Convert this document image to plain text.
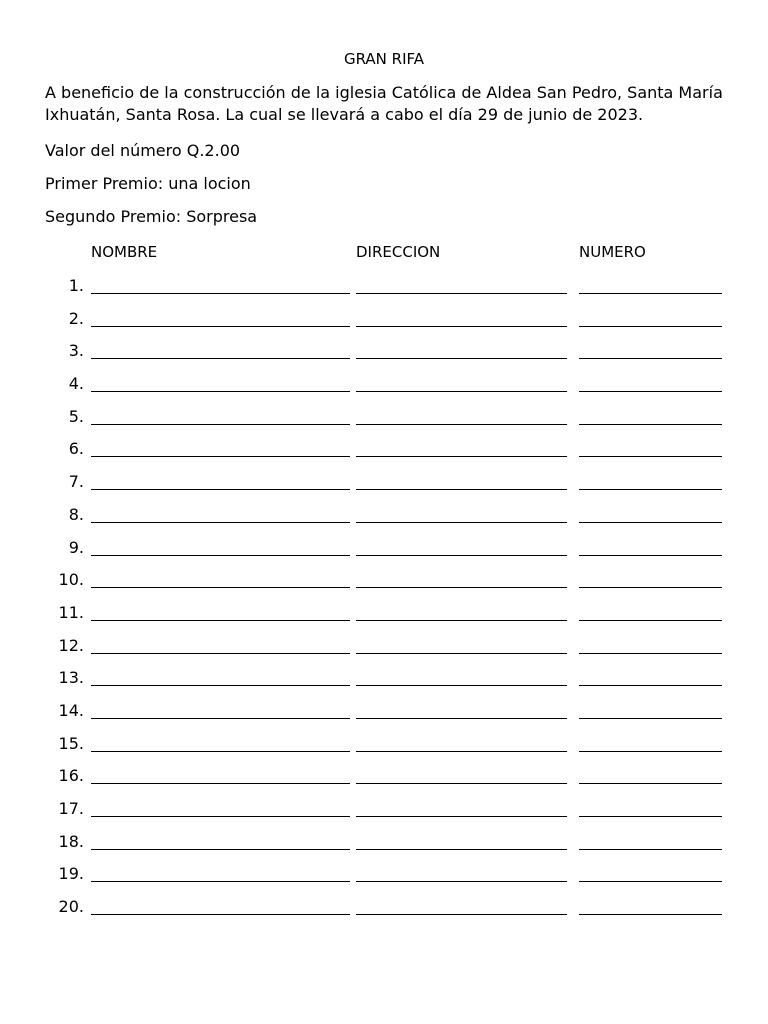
GRAN RIFA
A beneficio de la construcción de la iglesia Católica de Aldea San Pedro, Santa María Ixhuatán, Santa Rosa. La cual se llevará a cabo el día 29 de junio de 2023.
Valor del número Q.2.00
Primer Premio: una locion
Segundo Premio: Sorpresa
NOMBRE	DIRECCION	NUMERO
1.
2.
3.
4.
5.
6.
7.
8.
9.
10.
11.
12.
13.
14.
15.
16.
17.
18.
19.
20.
